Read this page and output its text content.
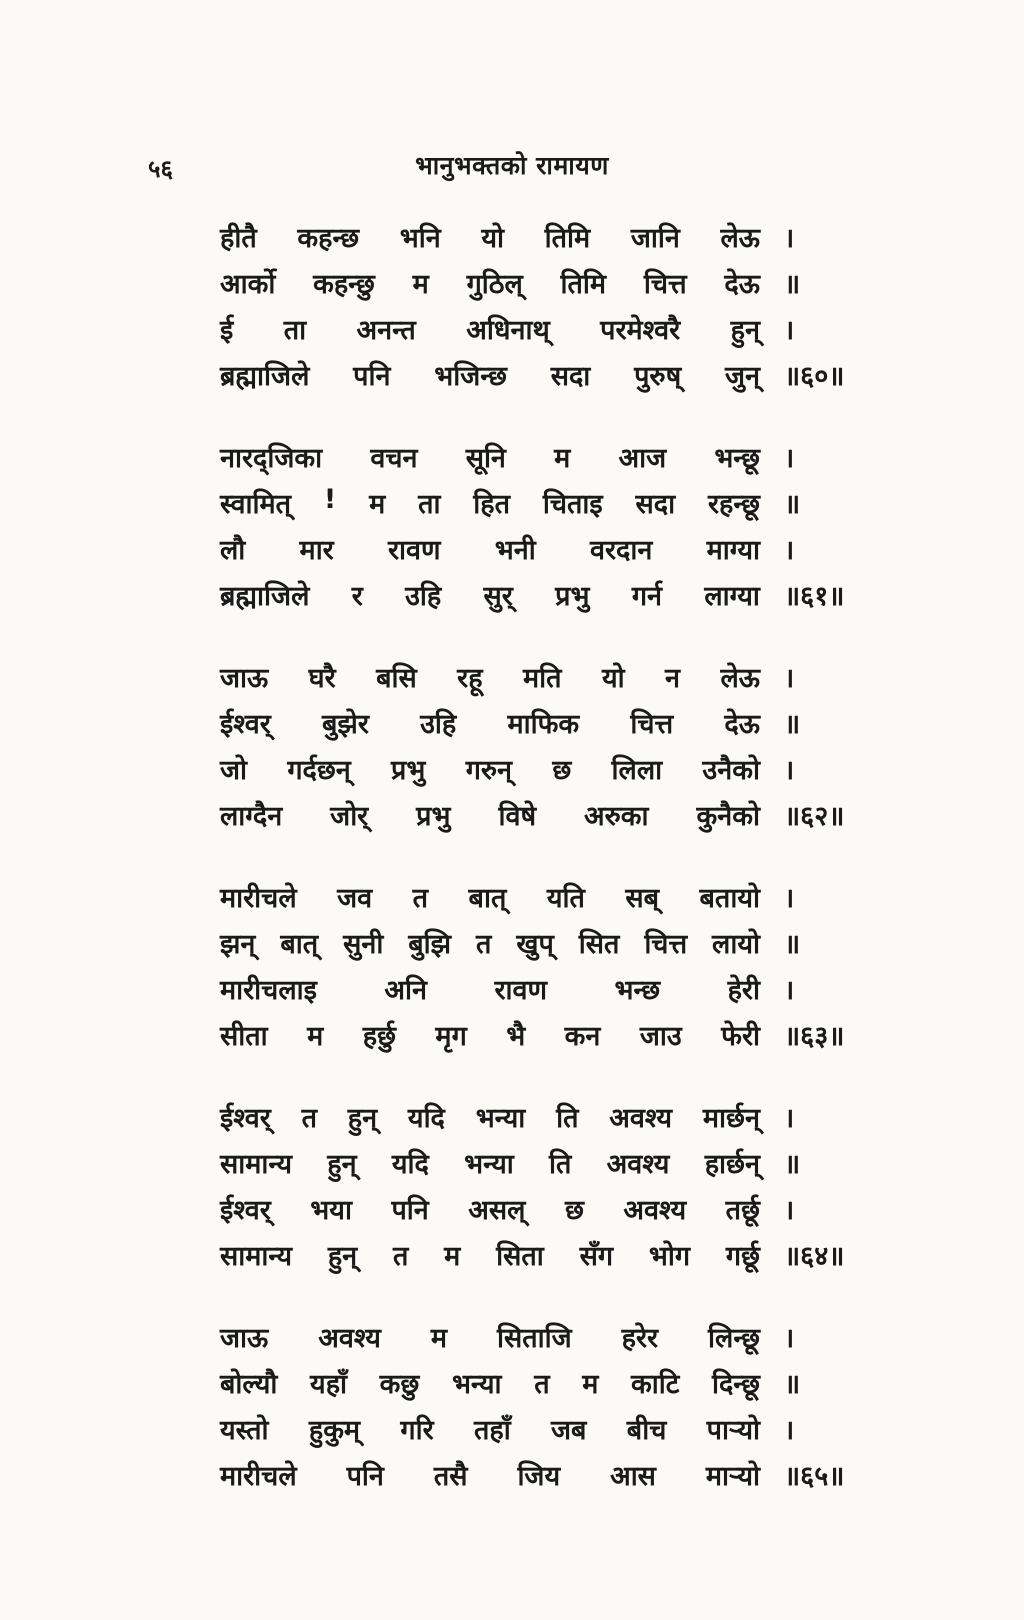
५६	भानुभक्तको रामायण
हीतै कहन्छ भनि यो तिमि जानि लेऊ ।
आर्को कहन्छु म गुठिल् तिमि चित्त देऊ ॥
ई ता अनन्त अधिनाथ् परमेश्वरै हुन् ।
ब्रह्माजिले पनि भजिन्छ सदा पुरुष् जुन् ॥६०॥
नारद्जिका वचन सूनि म आज भन्छू ।
स्वामित् ! म ता हित चिताइ सदा रहन्छू ॥
लौ मार रावण भनी वरदान माग्या ।
ब्रह्माजिले र उहि सुर् प्रभु गर्न लाग्या ॥६१॥
जाऊ घरै बसि रहू मति यो न लेऊ ।
ईश्वर् बुझेर उहि माफिक चित्त देऊ ॥
जो गर्दछन् प्रभु गरुन् छ लिला उनैको ।
लाग्दैन जोर् प्रभु विषे अरुका कुनैको ॥६२॥
मारीचले जव त बात् यति सब् बतायो ।
झन् बात् सुनी बुझि त खुप् सित चित्त लायो ॥
मारीचलाइ अनि रावण भन्छ हेरी ।
सीता म हर्छु मृग भै कन जाउ फेरी ॥६३॥
ईश्वर् त हुन् यदि भन्या ति अवश्य मार्छन् ।
सामान्य हुन् यदि भन्या ति अवश्य हार्छन् ॥
ईश्वर् भया पनि असल् छ अवश्य तर्छू ।
सामान्य हुन् त म सिता सँग भोग गर्छू ॥६४॥
जाऊ अवश्य म सिताजि हरेर लिन्छू ।
बोल्यौ यहाँ कछु भन्या त म काटि दिन्छू ॥
यस्तो हुकुम् गरि तहाँ जब बीच पाऱ्यो ।
मारीचले पनि तसै जिय आस माऱ्यो ॥६५॥
